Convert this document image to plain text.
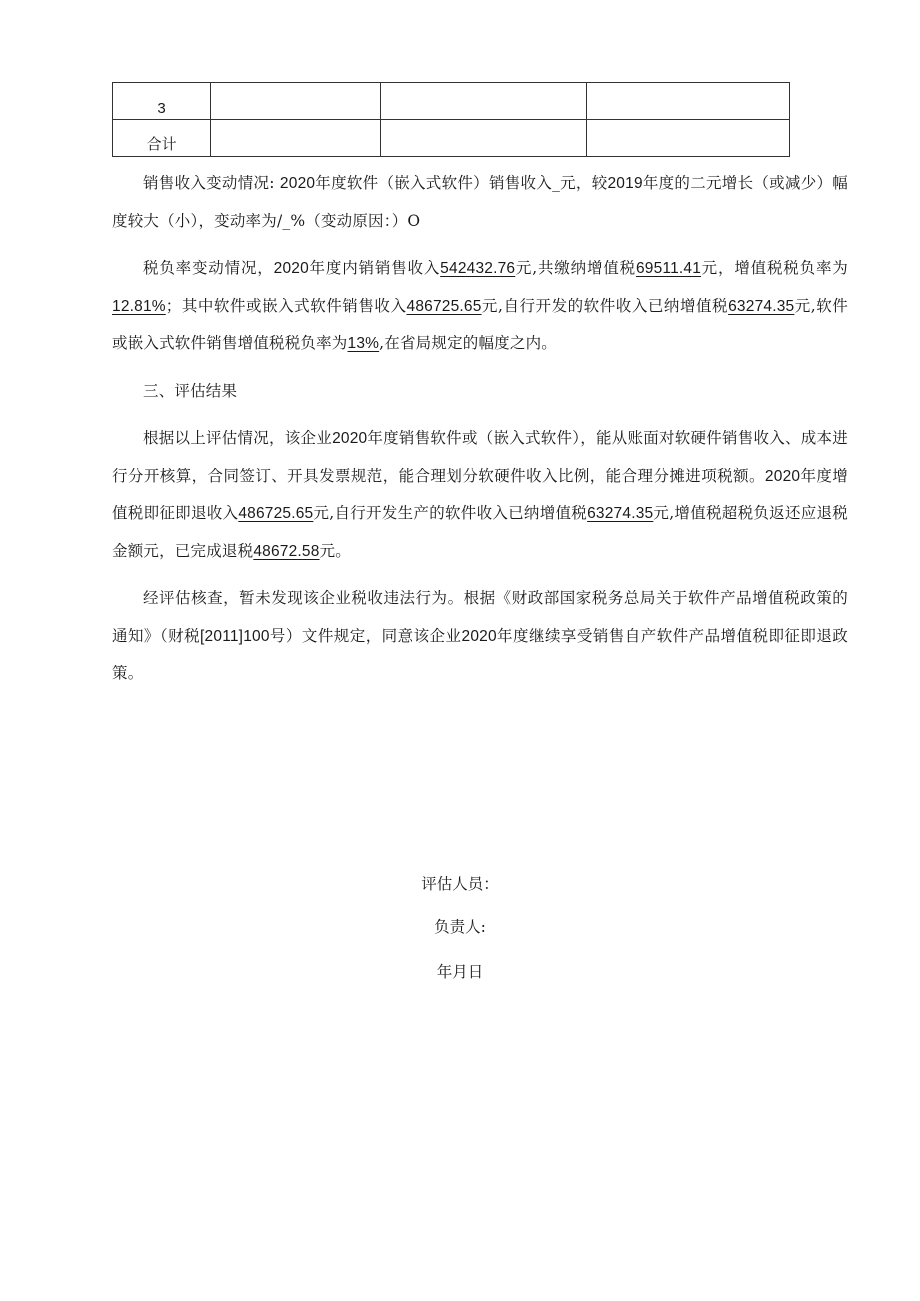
3			
合计			

销售收入变动情况: 2020年度软件（嵌入式软件）销售收入_元，较2019年度的二元增长（或减少）幅度较大（小），变动率为/_%（变动原因：）O

税负率变动情况，2020年度内销销售收入542432.76元,共缴纳增值税69511.41元，增值税税负率为12.81%；其中软件或嵌入式软件销售收入486725.65元,自行开发的软件收入已纳增值税63274.35元,软件或嵌入式软件销售增值税税负率为13%,在省局规定的幅度之内。

三、评估结果

根据以上评估情况，该企业2020年度销售软件或（嵌入式软件），能从账面对软硬件销售收入、成本进行分开核算，合同签订、开具发票规范，能合理划分软硬件收入比例，能合理分摊进项税额。2020年度增值税即征即退收入486725.65元,自行开发生产的软件收入已纳增值税63274.35元,增值税超税负返还应退税金额元，已完成退税48672.58元。

经评估核查，暂未发现该企业税收违法行为。根据《财政部国家税务总局关于软件产品增值税政策的通知》（财税[2011]100号）文件规定，同意该企业2020年度继续享受销售自产软件产品增值税即征即退政策。

评估人员：
负责人:
年月日
